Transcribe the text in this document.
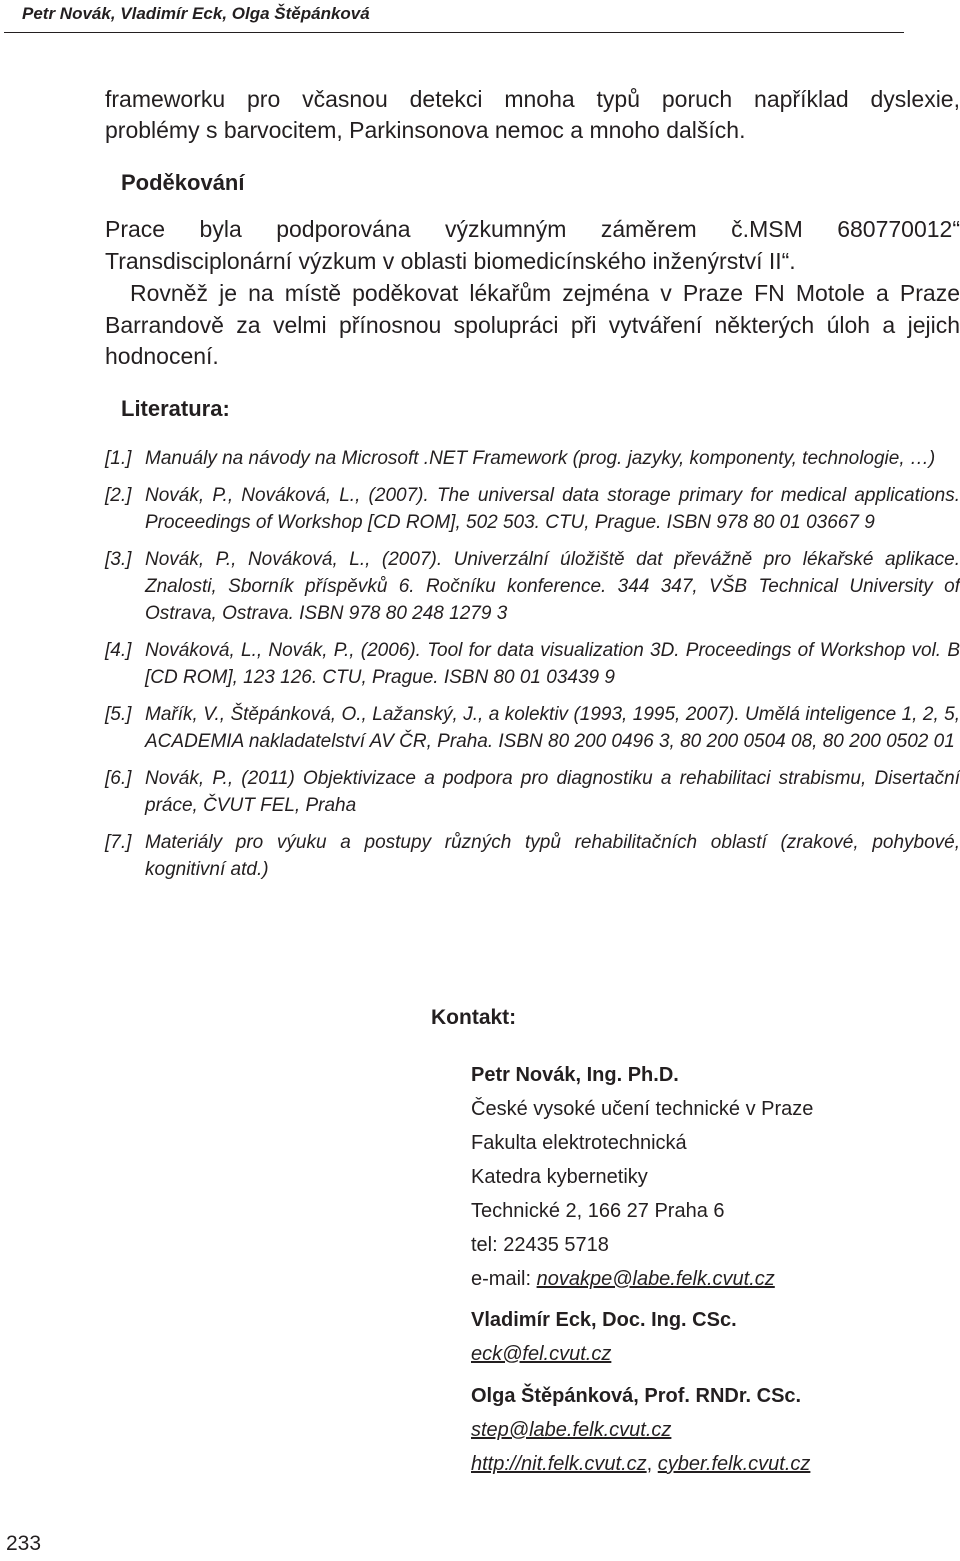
Petr Novák, Vladimír Eck, Olga Štěpánková

frameworku pro včasnou detekci mnoha typů poruch například dyslexie,

problémy s barvocitem, Parkinsonova nemoc a mnoho dalších.

Poděkování

Prace byla podporována výzkumným záměrem č.MSM 680770012“

Transdisciplonární výzkum v oblasti biomedicínského inženýrství II“.

Rovněž je na místě poděkovat lékařům zejména v Praze FN Motole a Praze

Barrandově za velmi přínosnou spolupráci při vytváření některých úloh a jejich

hodnocení.

Literatura:
[1.] Manuály na návody na Microsoft .NET Framework (prog. jazyky, komponenty, technologie, …)
[2.] Novák, P., Nováková, L., (2007). The universal data storage primary for medical applications. Proceedings of Workshop [CD ROM], 502 503. CTU, Prague. ISBN 978 80 01 03667 9
[3.] Novák, P., Nováková, L., (2007). Univerzální úložiště dat převážně pro lékařské aplikace. Znalosti, Sborník příspěvků 6. Ročníku konference. 344 347, VŠB Technical University of Ostrava, Ostrava. ISBN 978 80 248 1279 3
[4.] Nováková, L., Novák, P., (2006). Tool for data visualization 3D. Proceedings of Workshop vol. B [CD ROM], 123 126. CTU, Prague. ISBN 80 01 03439 9
[5.] Mařík, V., Štěpánková, O., Lažanský, J., a kolektiv (1993, 1995, 2007). Umělá inteligence 1, 2, 5, ACADEMIA nakladatelství AV ČR, Praha. ISBN 80 200 0496 3, 80 200 0504 08, 80 200 0502 01
[6.] Novák, P., (2011) Objektivizace a podpora pro diagnostiku a rehabilitaci strabismu, Disertační práce, ČVUT FEL, Praha
[7.] Materiály pro výuku a postupy různých typů rehabilitačních oblastí (zrakové, pohybové, kognitivní atd.)
Kontakt:
Petr Novák, Ing. Ph.D.
České vysoké učení technické v Praze
Fakulta elektrotechnická
Katedra kybernetiky
Technické 2, 166 27 Praha 6
tel: 22435 5718
e-mail: novakpe@labe.felk.cvut.cz
Vladimír Eck, Doc. Ing. CSc.
eck@fel.cvut.cz
Olga Štěpánková, Prof. RNDr. CSc.
step@labe.felk.cvut.cz
http://nit.felk.cvut.cz, cyber.felk.cvut.cz
233
